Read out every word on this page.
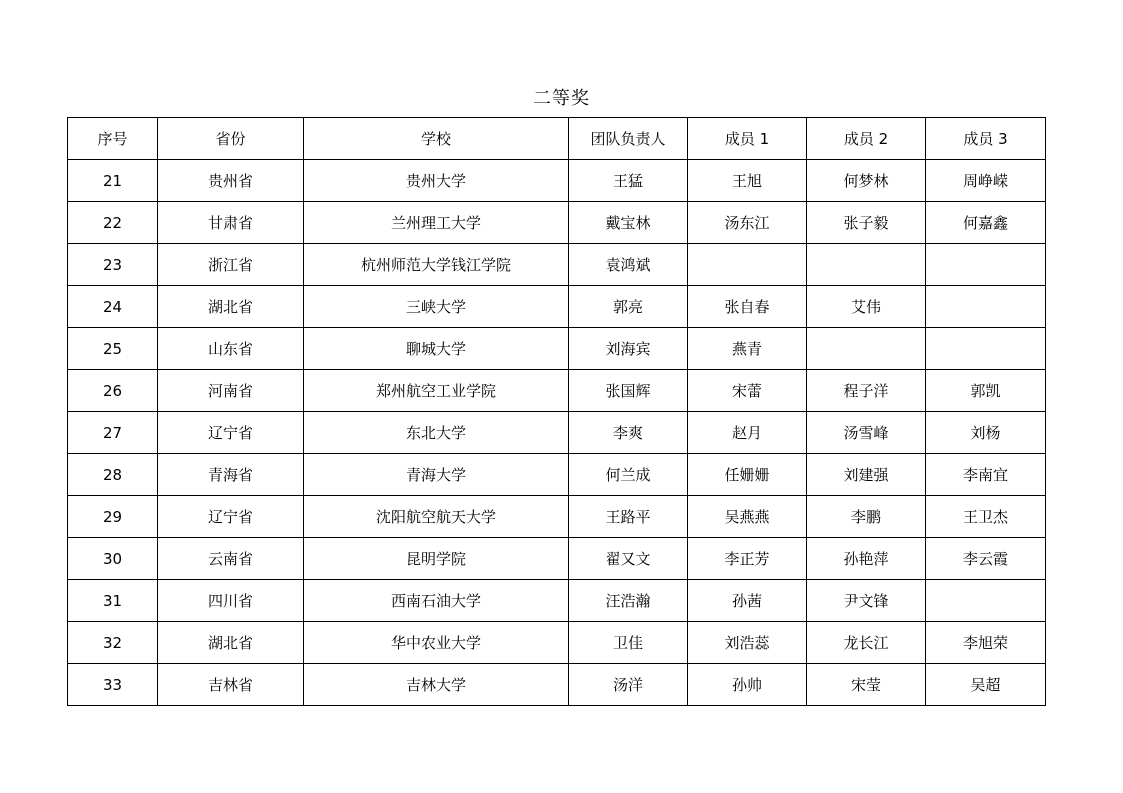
二等奖
序号	省份	学校	团队负责人	成员 1	成员 2	成员 3
21	贵州省	贵州大学	王猛	王旭	何梦林	周峥嵘
22	甘肃省	兰州理工大学	戴宝林	汤东江	张子毅	何嘉鑫
23	浙江省	杭州师范大学钱江学院	袁鸿斌			
24	湖北省	三峡大学	郭亮	张自春	艾伟	
25	山东省	聊城大学	刘海宾	燕青		
26	河南省	郑州航空工业学院	张国辉	宋蕾	程子洋	郭凯
27	辽宁省	东北大学	李爽	赵月	汤雪峰	刘杨
28	青海省	青海大学	何兰成	任姗姗	刘建强	李南宜
29	辽宁省	沈阳航空航天大学	王路平	吴燕燕	李鹏	王卫杰
30	云南省	昆明学院	翟又文	李正芳	孙艳萍	李云霞
31	四川省	西南石油大学	汪浩瀚	孙茜	尹文锋	
32	湖北省	华中农业大学	卫佳	刘浩蕊	龙长江	李旭荣
33	吉林省	吉林大学	汤洋	孙帅	宋莹	吴超
